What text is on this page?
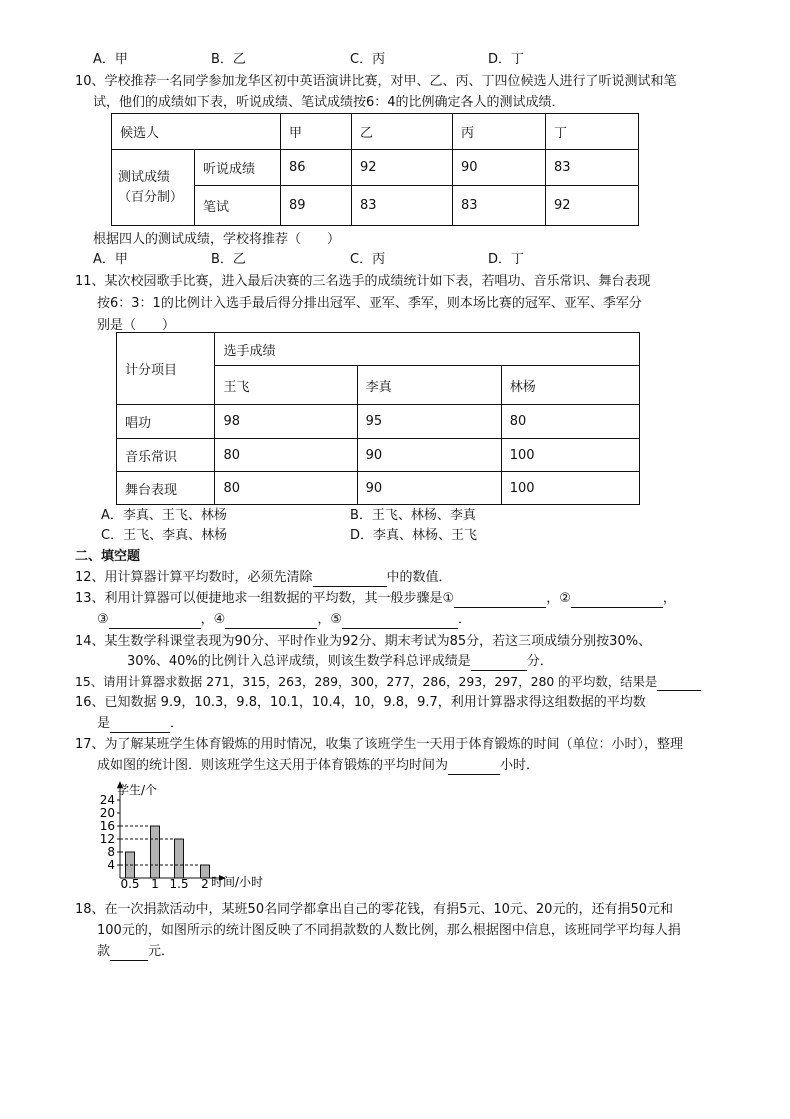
A．甲	B．乙	C．丙	D．丁
10、学校推荐一名同学参加龙华区初中英语演讲比赛，对甲、乙、丙、丁四位候选人进行了听说测试和笔
试，他们的成绩如下表，听说成绩、笔试成绩按6：4的比例确定各人的测试成绩．
候选人		甲	乙	丙	丁

测试成绩
（百分制）	听说成绩	86	92	90	83
	笔试	89	83	83	92
根据四人的测试成绩，学校将推荐（　　）
A．甲	B．乙	C．丙	D．丁
11、某次校园歌手比赛，进入最后决赛的三名选手的成绩统计如下表，若唱功、音乐常识、舞台表现
按6：3：1的比例计入选手最后得分排出冠军、亚军、季军，则本场比赛的冠军、亚军、季军分
别是（　　）
计分项目	选手成绩		
	王飞	李真	林杨
唱功	98	95	80
音乐常识	80	90	100
舞台表现	80	90	100
A．李真、王飞、林杨	B．王飞、林杨、李真
C．王飞、李真、林杨	D．李真、林杨、王飞
二、填空题
12、用计算器计算平均数时，必须先清除	中的数值．
13、利用计算器可以便捷地求一组数据的平均数，其一般步骤是①	，②	，
③	，④	，⑤	．
14、某生数学科课堂表现为90分、平时作业为92分、期末考试为85分，若这三项成绩分别按30%、
30%、40%的比例计入总评成绩，则该生数学科总评成绩是	分．
15、请用计算器求数据 271，315，263，289，300，277，286，293，297，280 的平均数，结果是
16、已知数据 9.9，10.3，9.8，10.1，10.4，10，9.8，9.7，利用计算器求得这组数据的平均数
是	．
17、为了解某班学生体育锻炼的用时情况，收集了该班学生一天用于体育锻炼的时间（单位：小时），整理
成如图的统计图．则该班学生这天用于体育锻炼的平均时间为	小时．
学生/个
时间/小时
4
8
12
16
20
24
0.5 1 1.5 2
18、在一次捐款活动中，某班50名同学都拿出自己的零花钱，有捐5元、10元、20元的，还有捐50元和
100元的，如图所示的统计图反映了不同捐款数的人数比例，那么根据图中信息，该班同学平均每人捐
款	元．
